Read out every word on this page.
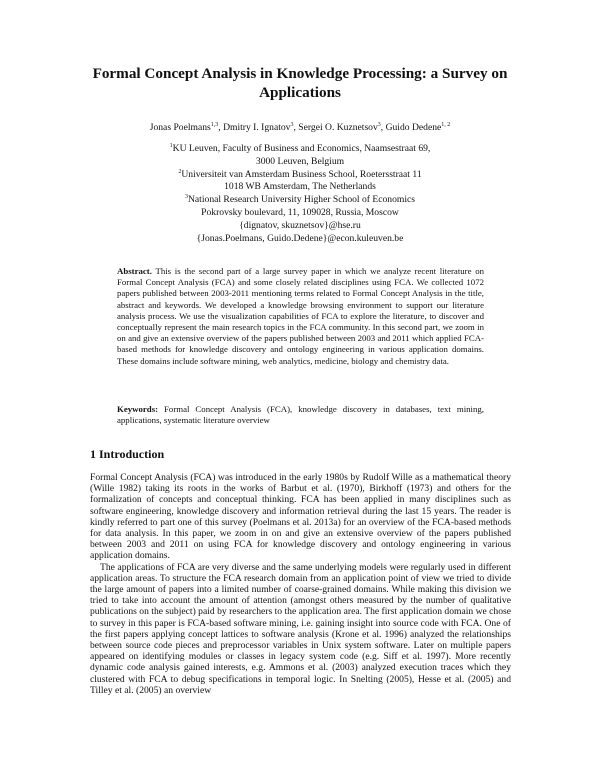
Formal Concept Analysis in Knowledge Processing: a Survey on
Applications
Jonas Poelmans$^{1,3}$, Dmitry I. Ignatov$^3$, Sergei O. Kuznetsov$^3$, Guido Dedene$^{1, 2}$
$^1$KU Leuven, Faculty of Business and Economics, Naamsestraat 69,
3000 Leuven, Belgium
$^2$Universiteit van Amsterdam Business School, Roetersstraat 11
1018 WB Amsterdam, The Netherlands
$^3$National Research University Higher School of Economics
Pokrovsky boulevard, 11, 109028, Russia, Moscow
{dignatov, skuznetsov}@hse.ru
{Jonas.Poelmans, Guido.Dedene}@econ.kuleuven.be

Abstract. This is the second part of a large survey paper in which we analyze recent literature on Formal Concept Analysis (FCA) and some closely related disciplines using FCA. We collected 1072 papers published between 2003-2011 mentioning terms related to Formal Concept Analysis in the title, abstract and keywords. We developed a knowledge browsing environment to support our literature analysis process. We use the visualization capabilities of FCA to explore the literature, to discover and conceptually represent the main research topics in the FCA community. In this second part, we zoom in on and give an extensive overview of the papers published between 2003 and 2011 which applied FCA-based methods for knowledge discovery and ontology engineering in various application domains. These domains include software mining, web analytics, medicine, biology and chemistry data.

Keywords: Formal Concept Analysis (FCA), knowledge discovery in databases, text mining, applications, systematic literature overview
1 Introduction

Formal Concept Analysis (FCA) was introduced in the early 1980s by Rudolf Wille as a mathematical theory (Wille 1982) taking its roots in the works of Barbut et al. (1970), Birkhoff (1973) and others for the formalization of concepts and conceptual thinking. FCA has been applied in many disciplines such as software engineering, knowledge discovery and information retrieval during the last 15 years. The reader is kindly referred to part one of this survey (Poelmans et al. 2013a) for an overview of the FCA-based methods for data analysis. In this paper, we zoom in on and give an extensive overview of the papers published between 2003 and 2011 on using FCA for knowledge discovery and ontology engineering in various application domains.

The applications of FCA are very diverse and the same underlying models were regularly used in different application areas. To structure the FCA research domain from an application point of view we tried to divide the large amount of papers into a limited number of coarse-grained domains. While making this division we tried to take into account the amount of attention (amongst others measured by the number of qualitative publications on the subject) paid by researchers to the application area. The first application domain we chose to survey in this paper is FCA-based software mining, i.e. gaining insight into source code with FCA. One of the first papers applying concept lattices to software analysis (Krone et al. 1996) analyzed the relationships between source code pieces and preprocessor variables in Unix system software. Later on multiple papers appeared on identifying modules or classes in legacy system code (e.g. Siff et al. 1997). More recently dynamic code analysis gained interests, e.g. Ammons et al. (2003) analyzed execution traces which they clustered with FCA to debug specifications in temporal logic. In Snelting (2005), Hesse et al. (2005) and Tilley et al. (2005) an overview
